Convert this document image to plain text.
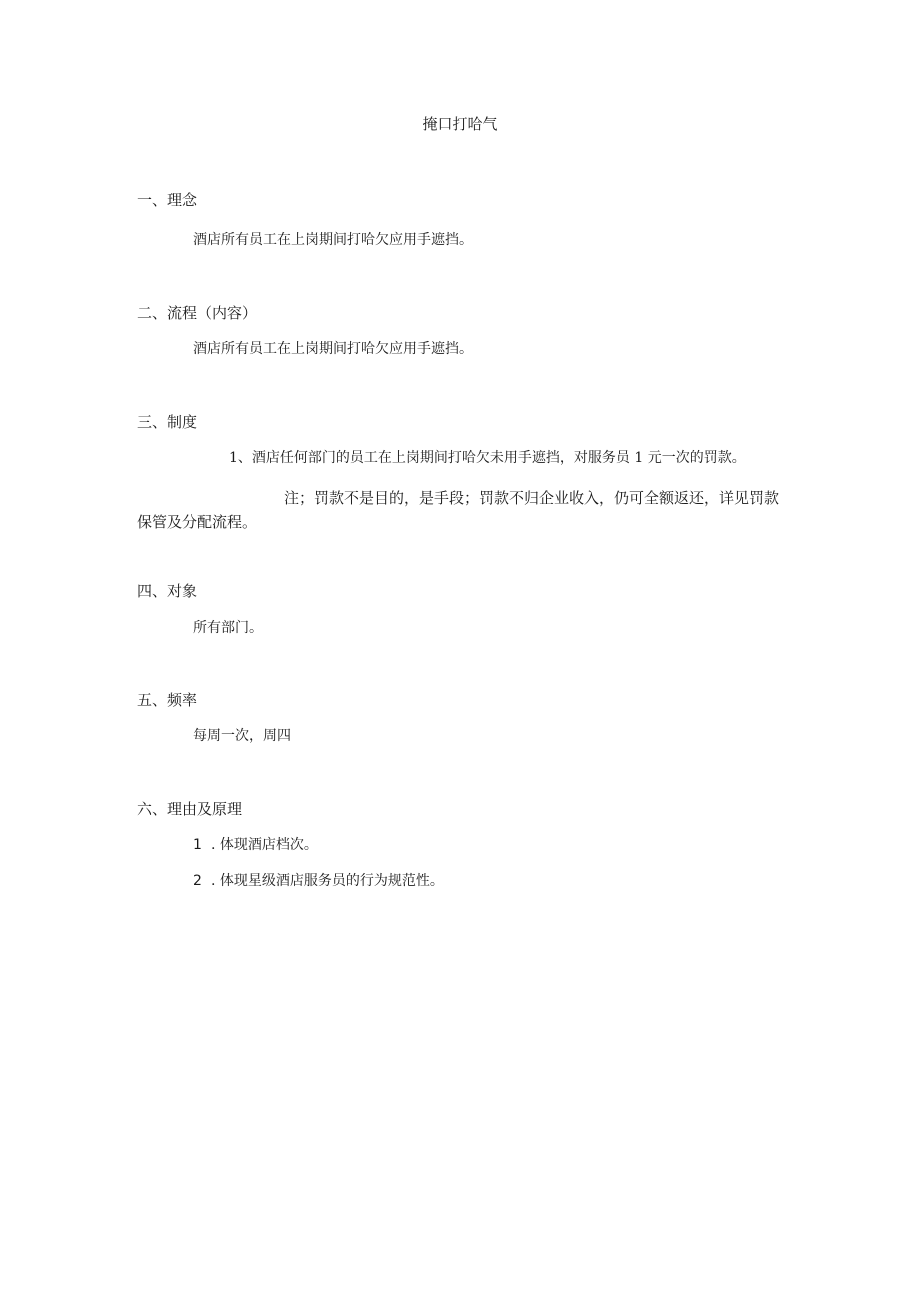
掩口打哈气
一、理念
酒店所有员工在上岗期间打哈欠应用手遮挡。
二、流程（内容）
酒店所有员工在上岗期间打哈欠应用手遮挡。
三、制度
1、酒店任何部门的员工在上岗期间打哈欠未用手遮挡，对服务员 1 元一次的罚款。
注；罚款不是目的，是手段；罚款不归企业收入，仍可全额返还，详见罚款保管及分配流程。
四、对象
所有部门。
五、频率
每周一次，周四
六、理由及原理
1 . 体现酒店档次。
2 . 体现星级酒店服务员的行为规范性。
